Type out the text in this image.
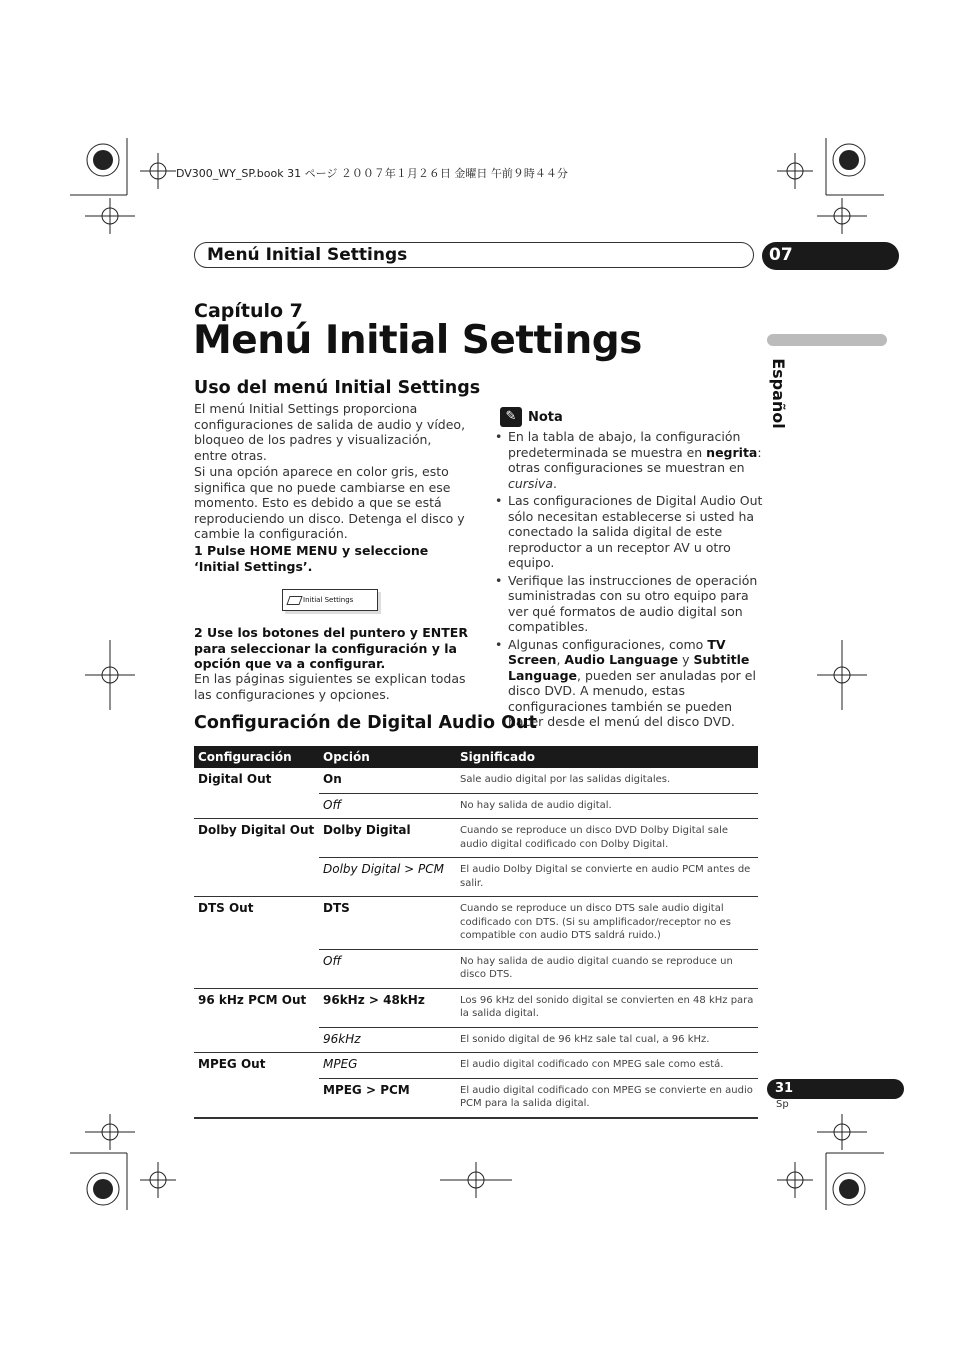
DV300_WY_SP.book 31 ページ ２００７年１月２６日 金曜日 午前９時４４分
Menú Initial Settings	07
Español
Capítulo 7
Menú Initial Settings
Uso del menú Initial Settings
El menú Initial Settings proporciona configuraciones de salida de audio y vídeo, bloqueo de los padres y visualización, entre otras.
Si una opción aparece en color gris, esto significa que no puede cambiarse en ese momento. Esto es debido a que se está reproduciendo un disco. Detenga el disco y cambie la configuración.
1 Pulse HOME MENU y seleccione ‘Initial Settings’.
Initial Settings
2 Use los botones del puntero y ENTER para seleccionar la configuración y la opción que va a configurar.
En las páginas siguientes se explican todas las configuraciones y opciones.
✎ Nota
• En la tabla de abajo, la configuración predeterminada se muestra en negrita: otras configuraciones se muestran en cursiva.
• Las configuraciones de Digital Audio Out sólo necesitan establecerse si usted ha conectado la salida digital de este reproductor a un receptor AV u otro equipo.
• Verifique las instrucciones de operación suministradas con su otro equipo para ver qué formatos de audio digital son compatibles.
• Algunas configuraciones, como TV Screen, Audio Language y Subtitle Language, pueden ser anuladas por el disco DVD. A menudo, estas configuraciones también se pueden hacer desde el menú del disco DVD.
Configuración de Digital Audio Out
Configuración	Opción	Significado
Digital Out	On	Sale audio digital por las salidas digitales.
	Off	No hay salida de audio digital.
Dolby Digital Out	Dolby Digital	Cuando se reproduce un disco DVD Dolby Digital sale audio digital codificado con Dolby Digital.
	Dolby Digital > PCM	El audio Dolby Digital se convierte en audio PCM antes de salir.
DTS Out	DTS	Cuando se reproduce un disco DTS sale audio digital codificado con DTS. (Si su amplificador/receptor no es compatible con audio DTS saldrá ruido.)
	Off	No hay salida de audio digital cuando se reproduce un disco DTS.
96 kHz PCM Out	96kHz > 48kHz	Los 96 kHz del sonido digital se convierten en 48 kHz para la salida digital.
	96kHz	El sonido digital de 96 kHz sale tal cual, a 96 kHz.
MPEG Out	MPEG	El audio digital codificado con MPEG sale como está.
	MPEG > PCM	El audio digital codificado con MPEG se convierte en audio PCM para la salida digital.
31
Sp
